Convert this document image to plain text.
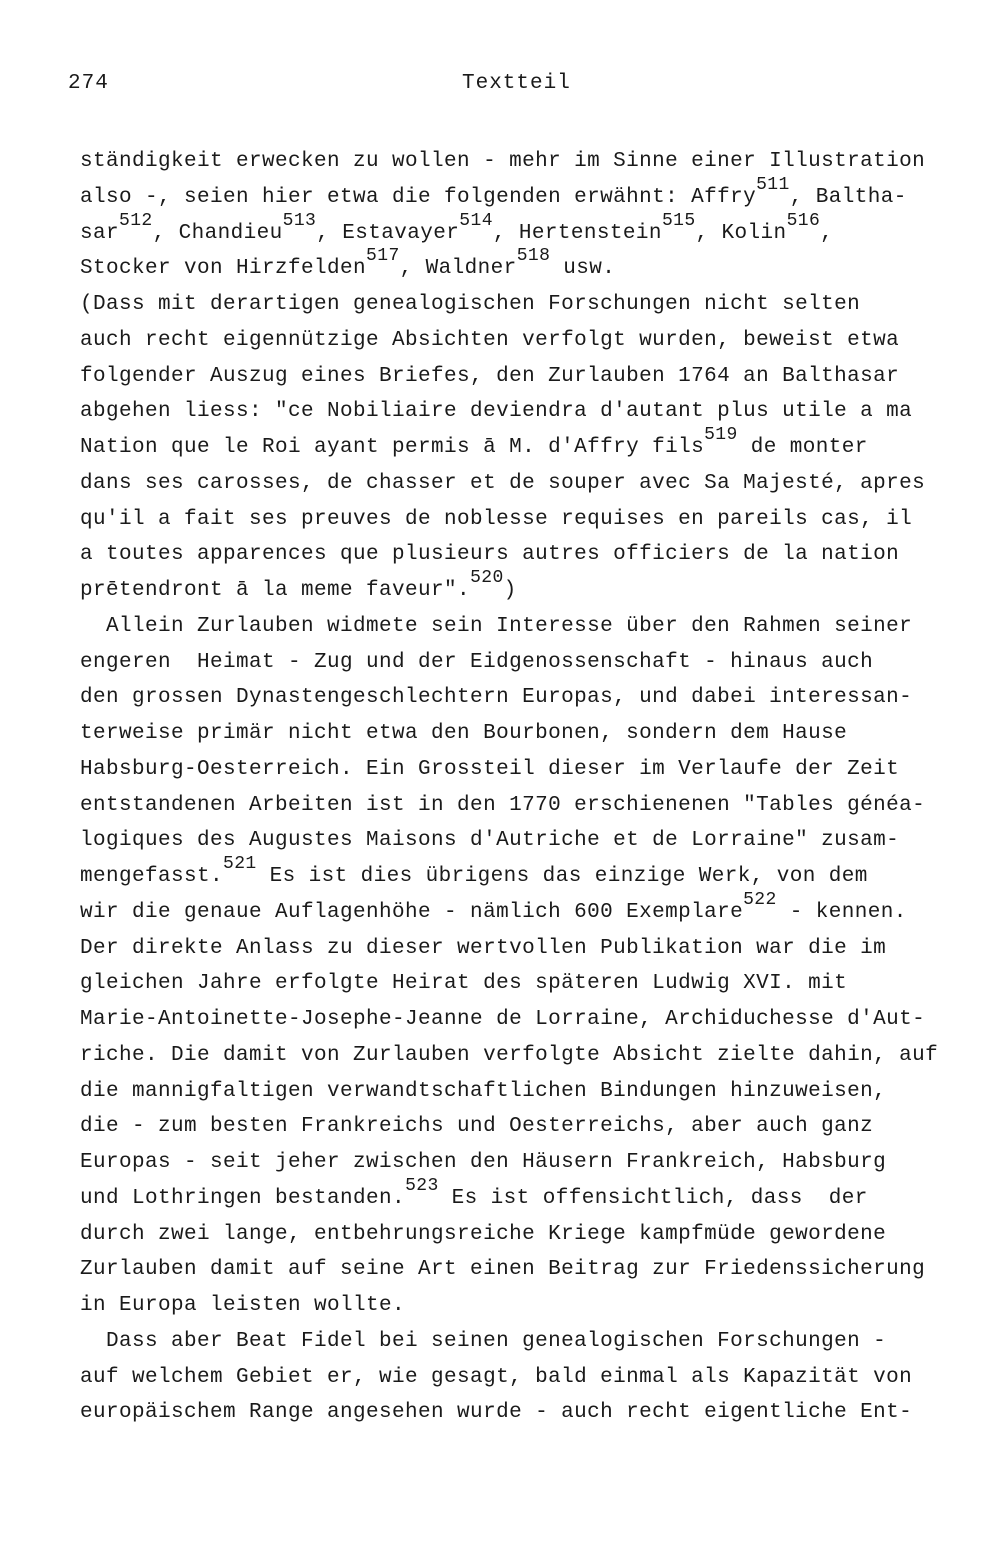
274	Textteil
ständigkeit erwecken zu wollen - mehr im Sinne einer Illustration
also -, seien hier etwa die folgenden erwähnt: Affry511, Baltha-
sar512, Chandieu513, Estavayer514, Hertenstein515, Kolin516,
Stocker von Hirzfelden517, Waldner518 usw.
(Dass mit derartigen genealogischen Forschungen nicht selten
auch recht eigennützige Absichten verfolgt wurden, beweist etwa
folgender Auszug eines Briefes, den Zurlauben 1764 an Balthasar
abgehen liess: "ce Nobiliaire deviendra d'autant plus utile a ma
Nation que le Roi ayant permis ā M. d'Affry fils519 de monter
dans ses carosses, de chasser et de souper avec Sa Majesté, apres
qu'il a fait ses preuves de noblesse requises en pareils cas, il
a toutes apparences que plusieurs autres officiers de la nation
prētendront ā la meme faveur".520)
Allein Zurlauben widmete sein Interesse über den Rahmen seiner
engeren  Heimat - Zug und der Eidgenossenschaft - hinaus auch
den grossen Dynastengeschlechtern Europas, und dabei interessan-
terweise primär nicht etwa den Bourbonen, sondern dem Hause
Habsburg-Oesterreich. Ein Grossteil dieser im Verlaufe der Zeit
entstandenen Arbeiten ist in den 1770 erschienenen "Tables généa-
logiques des Augustes Maisons d'Autriche et de Lorraine" zusam-
mengefasst.521 Es ist dies übrigens das einzige Werk, von dem
wir die genaue Auflagenhöhe - nämlich 600 Exemplare522 - kennen.
Der direkte Anlass zu dieser wertvollen Publikation war die im
gleichen Jahre erfolgte Heirat des späteren Ludwig XVI. mit
Marie-Antoinette-Josephe-Jeanne de Lorraine, Archiduchesse d'Aut-
riche. Die damit von Zurlauben verfolgte Absicht zielte dahin, auf
die mannigfaltigen verwandtschaftlichen Bindungen hinzuweisen,
die - zum besten Frankreichs und Oesterreichs, aber auch ganz
Europas - seit jeher zwischen den Häusern Frankreich, Habsburg
und Lothringen bestanden.523 Es ist offensichtlich, dass  der
durch zwei lange, entbehrungsreiche Kriege kampfmüde gewordene
Zurlauben damit auf seine Art einen Beitrag zur Friedenssicherung
in Europa leisten wollte.
Dass aber Beat Fidel bei seinen genealogischen Forschungen -
auf welchem Gebiet er, wie gesagt, bald einmal als Kapazität von
europäischem Range angesehen wurde - auch recht eigentliche Ent-
